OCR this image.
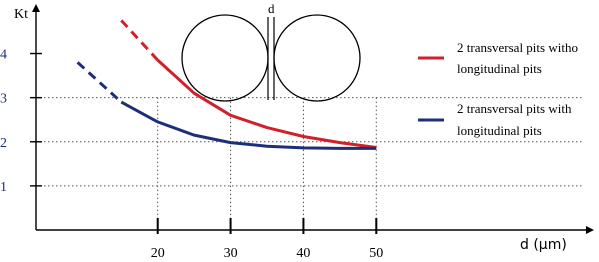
Kt
d (μm)
1
2
3
4
20	30	40	50
d
2 transversal pits witho
longitudinal pits
2 transversal pits with
longitudinal pits
